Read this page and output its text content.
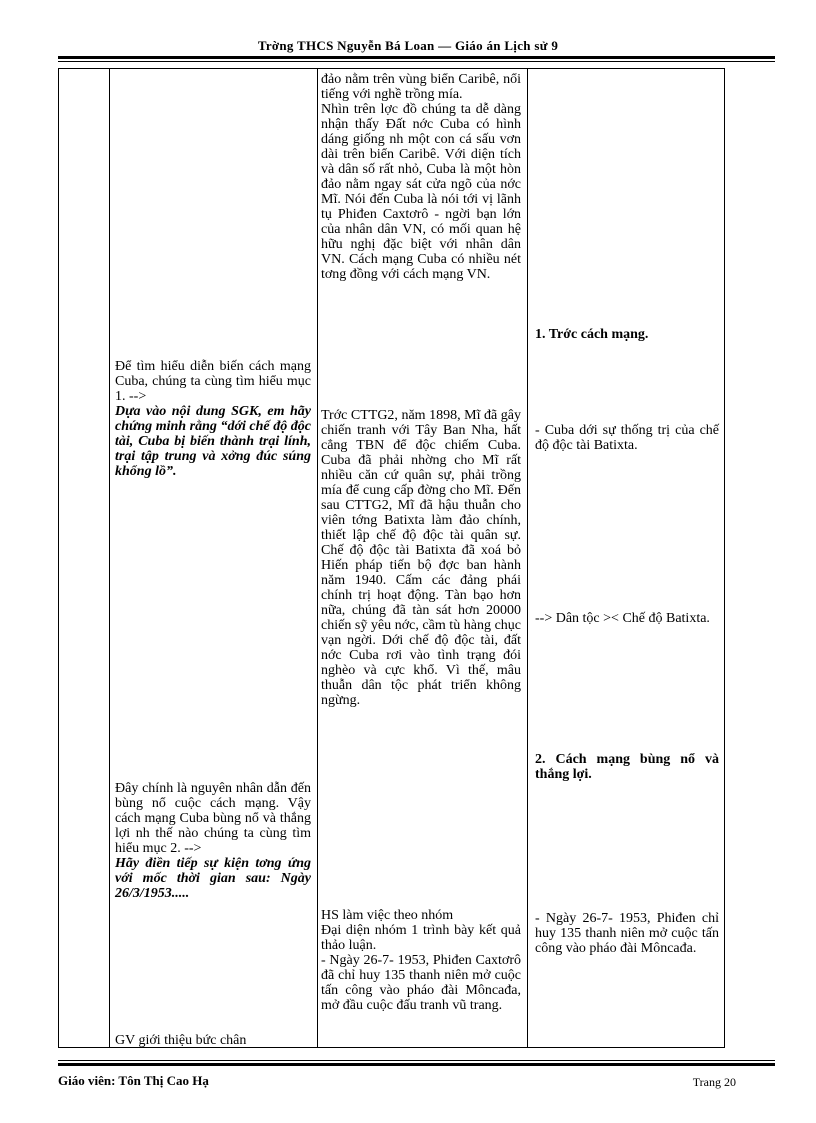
Trờng THCS Nguyễn Bá Loan — Giáo án Lịch sử 9

Để tìm hiểu diễn biến cách mạng Cuba, chúng ta cùng tìm hiểu mục 1. -->

Dựa vào nội dung SGK, em hãy chứng minh rằng “dới chế độ độc tài, Cuba bị biến thành trại lính, trại tập trung và xởng đúc súng khổng lồ”.

Đây chính là nguyên nhân dẫn đến bùng nổ cuộc cách mạng. Vậy cách mạng Cuba bùng nổ và thắng lợi nh thế nào chúng ta cùng tìm hiểu mục 2. -->

Hãy điền tiếp sự kiện tơng ứng với mốc thời gian sau: Ngày 26/3/1953.....

GV giới thiệu bức chân

đảo nằm trên vùng biển Caribê, nổi tiếng với nghề trồng mía.

Nhìn trên lợc đồ chúng ta dễ dàng nhận thấy Đất nớc Cuba có hình dáng giống nh một con cá sấu vơn dài trên biển Caribê. Với diện tích và dân số rất nhỏ, Cuba là một hòn đảo nằm ngay sát cửa ngõ của nớc Mĩ. Nói đến Cuba là nói tới vị lãnh tụ Phiđen Caxtơrô - ngời bạn lớn của nhân dân VN, có mối quan hệ hữu nghị đặc biệt với nhân dân VN. Cách mạng Cuba có nhiều nét tơng đồng với cách mạng VN.

Trớc CTTG2, năm 1898, Mĩ đã gây chiến tranh với Tây Ban Nha, hất cẳng TBN để độc chiếm Cuba. Cuba đã phải nhờng cho Mĩ rất nhiều căn cứ quân sự, phải trồng mía để cung cấp đờng cho Mĩ. Đến sau CTTG2, Mĩ đã hậu thuẫn cho viên tớng Batixta làm đảo chính, thiết lập chế độ độc tài quân sự. Chế độ độc tài Batixta đã xoá bỏ Hiến pháp tiến bộ đợc ban hành năm 1940. Cấm các đảng phái chính trị hoạt động. Tàn bạo hơn nữa, chúng đã tàn sát hơn 20000 chiến sỹ yêu nớc, cầm tù hàng chục vạn ngời. Dới chế độ độc tài, đất nớc Cuba rơi vào tình trạng đói nghèo và cực khổ. Vì thế, mâu thuẫn dân tộc phát triển không ngừng.

HS làm việc theo nhóm

Đại diện nhóm 1 trình bày kết quả thảo luận.

- Ngày 26-7- 1953, Phiđen Caxtơrô đã chỉ huy 135 thanh niên mở cuộc tấn công vào pháo đài Môncađa, mở đầu cuộc đấu tranh vũ trang.

1. Trớc cách mạng.
- Cuba dới sự thống trị của chế độ độc tài Batixta.
--> Dân tộc >< Chế độ Batixta.
2. Cách mạng bùng nổ và thắng lợi.
- Ngày 26-7- 1953, Phiđen chỉ huy 135 thanh niên mở cuộc tấn công vào pháo đài Môncađa.
Giáo viên: Tôn Thị Cao Hạ	Trang 20
